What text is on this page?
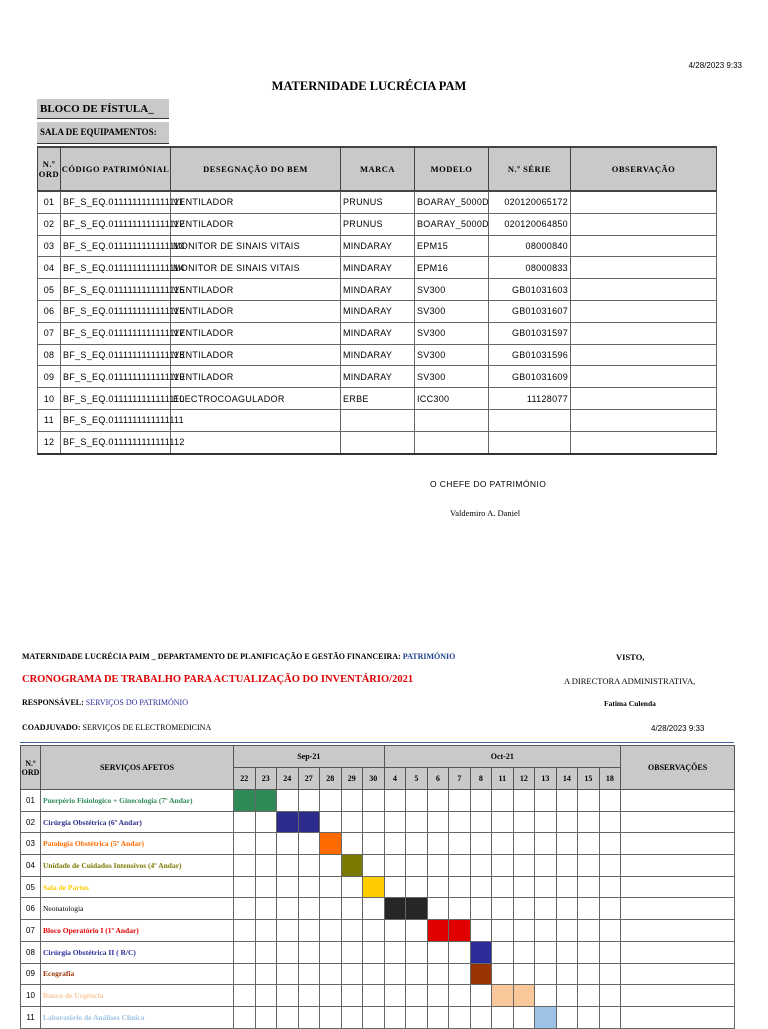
4/28/2023 9:33
MATERNIDADE LUCRÉCIA PAM
BLOCO DE FÍSTULA_
SALA DE EQUIPAMENTOS:
N.º ORD	CÓDIGO PATRIMÓNIAL	DESEGNAÇÃO DO BEM	MARCA	MODELO	N.º SÉRIE	OBSERVAÇÃO
01	BF_S_EQ.0111111111111111	VENTILADOR	PRUNUS	BOARAY_5000D	020120065172	
02	BF_S_EQ.0111111111111112	VENTILADOR	PRUNUS	BOARAY_5000D	020120064850	
03	BF_S_EQ.0111111111111113	MONITOR DE SINAIS VITAIS	MINDARAY	EPM15	08000840	
04	BF_S_EQ.0111111111111114	MONITOR DE SINAIS VITAIS	MINDARAY	EPM16	08000833	
05	BF_S_EQ.0111111111111115	VENTILADOR	MINDARAY	SV300	GB01031603	
06	BF_S_EQ.0111111111111116	VENTILADOR	MINDARAY	SV300	GB01031607	
07	BF_S_EQ.0111111111111117	VENTILADOR	MINDARAY	SV300	GB01031597	
08	BF_S_EQ.0111111111111118	VENTILADOR	MINDARAY	SV300	GB01031596	
09	BF_S_EQ.0111111111111119	VENTILADOR	MINDARAY	SV300	GB01031609	
10	BF_S_EQ.0111111111111110	ELECTROCOAGULADOR	ERBE	ICC300	11128077	
11	BF_S_EQ.0111111111111111					
12	BF_S_EQ.0111111111111112					
O CHEFE DO PATRIMÓNIO
Valdemiro A. Daniel
MATERNIDADE LUCRÉCIA PAIM _ DEPARTAMENTO DE PLANIFICAÇÃO E GESTÃO FINANCEIRA: PATRIMÓNIO	VISTO,
CRONOGRAMA DE TRABALHO PARA ACTUALIZAÇÃO DO INVENTÁRIO/2021	A DIRECTORA ADMINISTRATIVA,
RESPONSÁVEL: SERVIÇOS DO PATRIMÓNIO	Fatima Culenda
COADJUVADO: SERVIÇOS DE ELECTROMEDICINA	4/28/2023 9:33
N.º ORD	SERVIÇOS AFETOS	Sep-21							Oct-21											OBSERVAÇÕES
		22	23	24	27	28	29	30	4	5	6	7	8	11	12	13	14	15	18	
01	Puerpério Fisiologico + Ginecologia (7º Andar)																			
02	Cirúrgia Obstétrica (6º Andar)																			
03	Patologia Obstétrica (5º Andar)																			
04	Unidade de Cuidados Intensivos (4º Andar)																			
05	Sala de Partos																			
06	Neonatologia																			
07	Bloco Operatório I (1º Andar)																			
08	Cirúrgia Obstétrica II ( R/C)																			
09	Ecografia																			
10	Banco de Urgência																			
11	Laboratório de Análises Clínica																			
